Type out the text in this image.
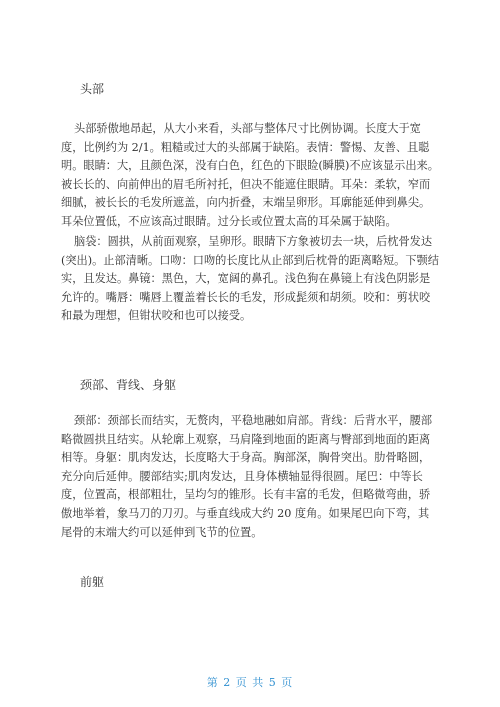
头部

头部骄傲地昂起，从大小来看，头部与整体尺寸比例协调。长度大于宽度，比例约为 2/1。粗糙或过大的头部属于缺陷。表情：警惕、友善、且聪明。眼睛：大，且颜色深，没有白色，红色的下眼睑(瞬膜)不应该显示出来。被长长的、向前伸出的眉毛所衬托，但决不能遮住眼睛。耳朵：柔软，窄而细腻，被长长的毛发所遮盖，向内折叠，末端呈卵形。耳廓能延伸到鼻尖。耳朵位置低，不应该高过眼睛。过分长或位置太高的耳朵属于缺陷。

脑袋：圆拱，从前面观察，呈卵形。眼睛下方象被切去一块，后枕骨发达(突出)。止部清晰。口吻：口吻的长度比从止部到后枕骨的距离略短。下颚结实，且发达。鼻镜：黑色，大，宽阔的鼻孔。浅色狗在鼻镜上有浅色阴影是允许的。嘴唇：嘴唇上覆盖着长长的毛发，形成髭须和胡须。咬和：剪状咬和最为理想，但钳状咬和也可以接受。

颈部、背线、身躯

颈部：颈部长而结实，无赘肉，平稳地融如肩部。背线：后背水平，腰部略微圆拱且结实。从轮廓上观察，马肩隆到地面的距离与臀部到地面的距离相等。身躯：肌肉发达，长度略大于身高。胸部深，胸骨突出。肋骨略圆，充分向后延伸。腰部结实;肌肉发达，且身体横轴显得很圆。尾巴：中等长度，位置高，根部粗壮，呈均匀的锥形。长有丰富的毛发，但略微弯曲，骄傲地举着，象马刀的刀刃。与垂直线成大约 20 度角。如果尾巴向下弯，其尾骨的末端大约可以延伸到飞节的位置。

前躯
第 2 页 共 5 页
